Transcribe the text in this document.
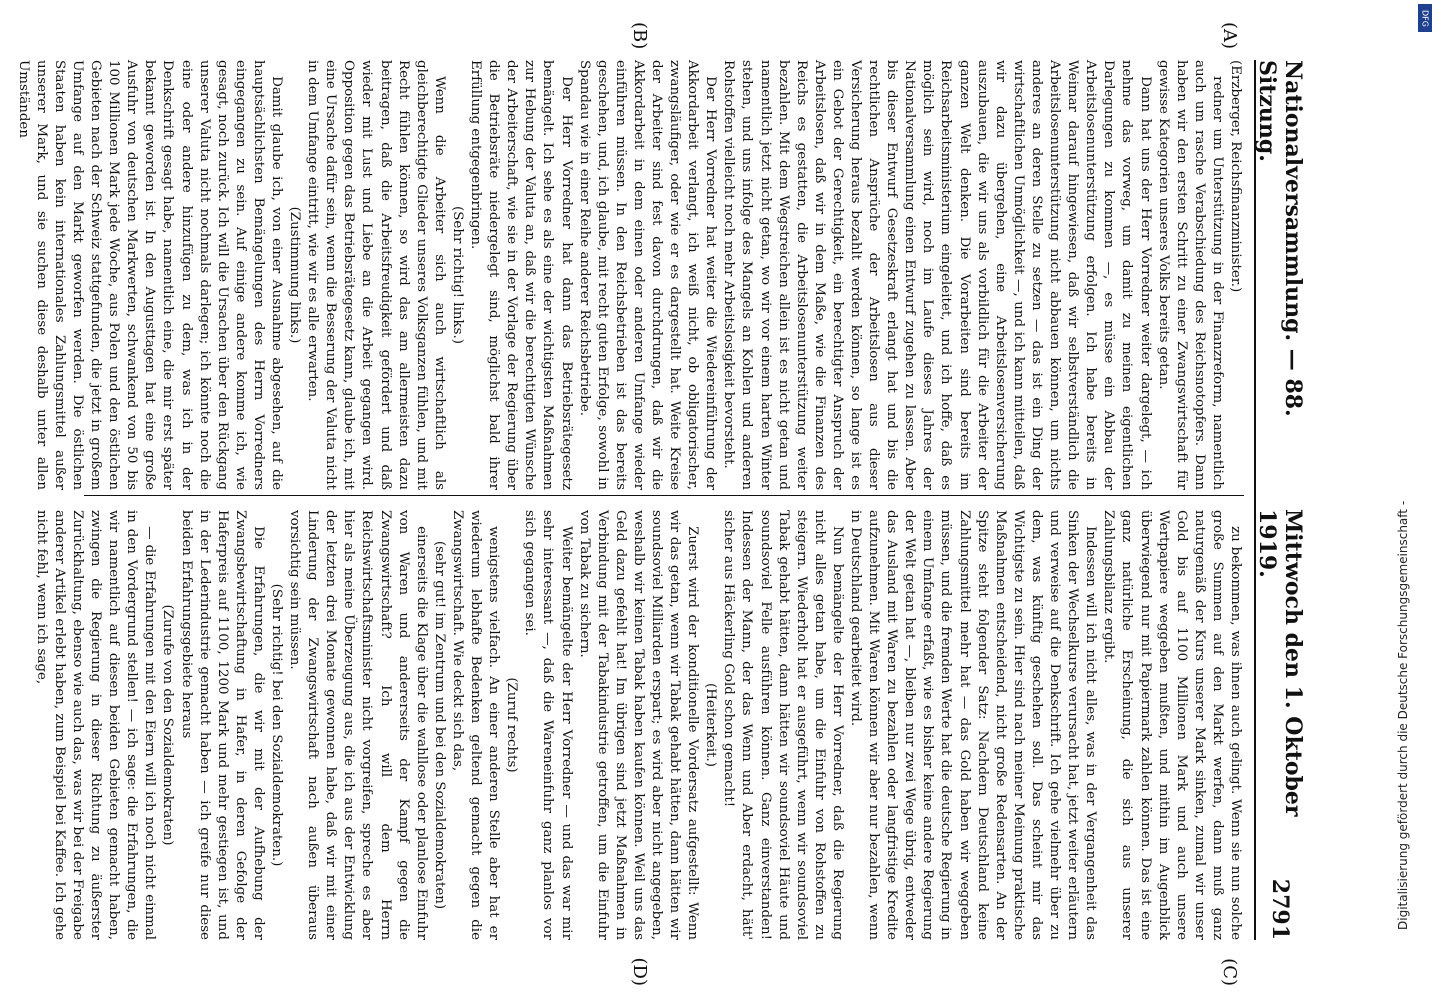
Nationalversammlung. — 88. Sitzung.
Mittwoch den 1. Oktober 1919.
2791
(A)
(B)
(C)
(D)

(Erzberger, Reichsfinanzminister.)

redner um Unterstützung in der Finanzreform, namentlich auch um rasche Verabschiedung des Reichsnotopfers. Dann haben wir den ersten Schritt zu einer Zwangswirtschaft für gewisse Kategorien unseres Volks bereits getan.

Dann hat uns der Herr Vorredner weiter dargelegt, — ich nehme das vorweg, um damit zu meinen eigentlichen Darlegungen zu kommen —, es müsse ein Abbau der Arbeitslosenunterstützung erfolgen. Ich habe bereits in Weimar darauf hingewiesen, daß wir selbstverständlich die Arbeitslosenunterstützung nicht abbauen können, um nichts anderes an deren Stelle zu setzen — das ist ein Ding der wirtschaftlichen Unmöglichkeit —, und ich kann mitteilen, daß wir dazu übergehen, eine Arbeitslosenversicherung auszubauen, die wir uns als vorbildlich für die Arbeiter der ganzen Welt denken. Die Vorarbeiten sind bereits im Reichsarbeitsministerium eingeleitet, und ich hoffe, daß es möglich sein wird, noch im Laufe dieses Jahres der Nationalversammlung einen Entwurf zugehen zu lassen. Aber bis dieser Entwurf Gesetzeskraft erlangt hat und bis die rechtlichen Ansprüche der Arbeitslosen aus dieser Versicherung heraus bezahlt werden können, so lange ist es ein Gebot der Gerechtigkeit, ein berechtigter Anspruch der Arbeitslosen, daß wir in dem Maße, wie die Finanzen des Reichs es gestatten, die Arbeitslosenunterstützung weiter bezahlen. Mit dem Wegstreichen allein ist es nicht getan und namentlich jetzt nicht getan, wo wir vor einem harten Winter stehen, und uns infolge des Mangels an Kohlen und anderen Rohstoffen vielleicht noch mehr Arbeitslosigkeit bevorsteht.

Der Herr Vorredner hat weiter die Wiedereinführung der Akkordarbeit verlangt, ich weiß nicht, ob obligatorischer, zwangsläufiger, oder wie er es dargestellt hat. Weite Kreise der Arbeiter sind fest davon durchdrungen, daß wir die Akkordarbeit in dem einen oder anderen Umfange wieder einführen müssen. In den Reichsbetrieben ist das bereits geschehen, und, ich glaube, mit recht guten Erfolge, sowohl in Spandau wie in einer Reihe anderer Reichsbetriebe.

Der Herr Vorredner hat dann das Betriebsrätegesetz bemängelt. Ich sehe es als eine der wichtigsten Maßnahmen zur Hebung der Valuta an, daß wir die berechtigten Wünsche der Arbeiterschaft, wie sie in der Vorlage der Regierung über die Betriebsräte niedergelegt sind, möglichst bald ihrer Erfüllung entgegenbringen.

(Sehr richtig! links.)

Wenn die Arbeiter sich auch wirtschaftlich als gleichberechtigte Glieder unseres Volksganzen fühlen, und mit Recht fühlen können, so wird das am allermeisten dazu beitragen, daß die Arbeitsfreudigkeit gefördert und daß wieder mit Lust und Liebe an die Arbeit gegangen wird. Opposition gegen das Betriebsrätegesetz kann, glaube ich, mit eine Ursache dafür sein, wenn die Besserung der Valuta nicht in dem Umfange eintritt, wie wir es alle erwarten.

(Zustimmung links.)

Damit glaube ich, von einer Ausnahme abgesehen, auf die hauptsächlichsten Bemängelungen des Herrn Vorredners eingegangen zu sein. Auf einige andere komme ich, wie gesagt, noch zurück. Ich will die Ursachen über den Rückgang unserer Valuta nicht nochmals darlegen; ich könnte noch die eine oder andere hinzufügen zu dem, was ich in der Denkschrift gesagt habe, namentlich eine, die mir erst später bekannt geworden ist. In den Augusttagen hat eine große Ausfuhr von deutschen Markwerten, schwankend von 50 bis 100 Millionen Mark jede Woche, aus Polen und den östlichen Gebieten nach der Schweiz stattgefunden, die jetzt in großem Umfange auf den Markt geworfen werden. Die östlichen Staaten haben kein internationales Zahlungsmittel außer unserer Mark, und sie suchen diese deshalb unter allen Umständen

zu bekommen, was ihnen auch gelingt. Wenn sie nun solche große Summen auf den Markt werfen, dann muß ganz naturgemäß der Kurs unserer Mark sinken, zumal wir unser Gold bis auf 1100 Millionen Mark und auch unsere Wertpapiere weggeben mußten, und mithin im Augenblick überwiegend nur mit Papiermark zahlen können. Das ist eine ganz natürliche Erscheinung, die sich aus unserer Zahlungsbilanz ergibt.

Indessen will ich nicht alles, was in der Vergangenheit das Sinken der Wechselkurse verursacht hat, jetzt weiter erläutern und verweise auf die Denkschrift. Ich gehe vielmehr über zu dem, was künftig geschehen soll. Das scheint mir das Wichtigste zu sein. Hier sind nach meiner Meinung praktische Maßnahmen entscheidend, nicht große Redensarten. An der Spitze steht folgender Satz: Nachdem Deutschland keine Zahlungsmittel mehr hat — das Gold haben wir weggeben müssen, und die fremden Werte hat die deutsche Regierung in einem Umfange erfaßt, wie es bisher keine andere Regierung der Welt getan hat —, bleiben nur zwei Wege übrig, entweder das Ausland mit Waren zu bezahlen oder langfristige Kredite aufzunehmen. Mit Waren können wir aber nur bezahlen, wenn in Deutschland gearbeitet wird.

Nun bemängelte der Herr Vorredner, daß die Regierung nicht alles getan habe, um die Einfuhr von Rohstoffen zu steigern. Wiederholt hat er ausgeführt, wenn wir soundsoviel Tabak gehabt hätten, dann hätten wir soundsoviel Häute und soundsoviel Felle ausführen können. Ganz einverstanden! Indessen der Mann, der das Wenn und Aber erdacht, hätt' sicher aus Häckerling Gold schon gemacht!

(Heiterkeit.)

Zuerst wird der konditionelle Vordersatz aufgestellt: Wenn wir das getan, wenn wir Tabak gehabt hätten, dann hätten wir soundsoviel Milliarden erspart; es wird aber nicht angegeben, weshalb wir keinen Tabak haben kaufen können. Weil uns das Geld dazu gefehlt hat! Im übrigen sind jetzt Maßnahmen in Verbindung mit der Tabakindustrie getroffen, um die Einfuhr von Tabak zu sichern.

Weiter bemängelte der Herr Vorredner — und das war mir sehr interessant —, daß die Wareneinfuhr ganz planlos vor sich gegangen sei.

(Zuruf rechts)

wenigstens vielfach. An einer anderen Stelle aber hat er wiederum lebhafte Bedenken geltend gemacht gegen die Zwangswirtschaft. Wie deckt sich das,

(sehr gut! im Zentrum und bei den Sozialdemokraten)

einerseits die Klage über die wahllose oder planlose Einfuhr von Waren und andererseits der Kampf gegen die Zwangswirtschaft? Ich will dem Herrn Reichswirtschaftsminister nicht vorgreifen, spreche es aber hier als meine Überzeugung aus, die ich aus der Entwicklung der letzten drei Monate gewonnen habe, daß wir mit einer Linderung der Zwangswirtschaft nach außen überaus vorsichtig sein müssen.

(Sehr richtig! bei den Sozialdemokraten.)

Die Erfahrungen, die wir mit der Aufhebung der Zwangsbewirtschaftung in Hafer, in deren Gefolge der Haferpreis auf 1100, 1200 Mark und mehr gestiegen ist, und in der Lederindustrie gemacht haben — ich greife nur diese beiden Erfahrungsgebiete heraus

(Zurufe von den Sozialdemokraten)

— die Erfahrungen mit den Eiern will ich noch nicht einmal in den Vordergrund stellen! — ich sage: die Erfahrungen, die wir namentlich auf diesen beiden Gebieten gemacht haben, zwingen die Regierung in dieser Richtung zu äußerster Zurückhaltung, ebenso wie auch das, was wir bei der Freigabe anderer Artikel erlebt haben, zum Beispiel bei Kaffee. Ich gehe nicht fehl, wenn ich sage,	Digitalisierung gefördert durch die Deutsche Forschungsgemeinschaft -
DFG
